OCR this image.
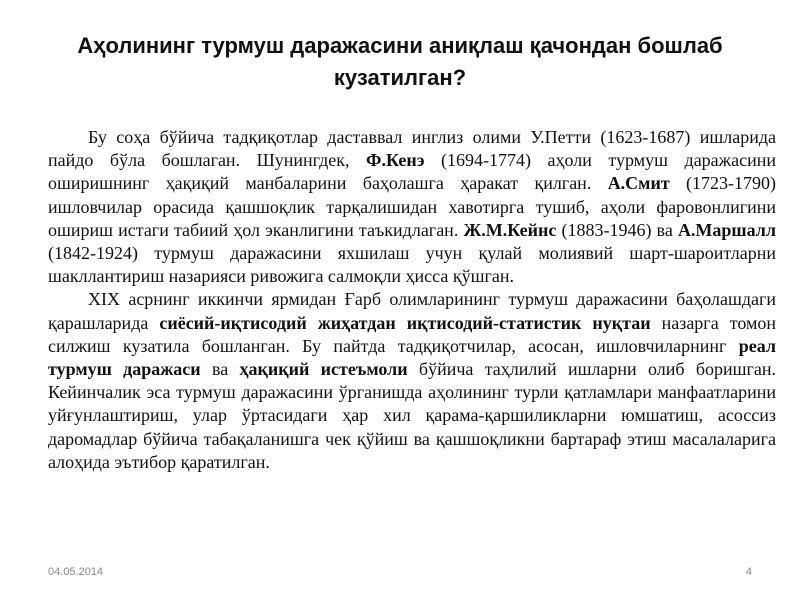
Аҳолининг турмуш даражасини аниқлаш қачондан бошлаб кузатилган?

Бу соҳа бўйича тадқиқотлар даставвал инглиз олими У.Петти (1623-1687) ишларида пайдо бўла бошлаган. Шунингдек, Ф.Кенэ (1694-1774) аҳоли турмуш даражасини оширишнинг ҳақиқий манбаларини баҳолашга ҳаракат қилган. А.Смит (1723-1790) ишловчилар орасида қашшоқлик тарқалишидан хавотирга тушиб, аҳоли фаровонлигини ошириш истаги табиий ҳол эканлигини таъкидлаган. Ж.М.Кейнс (1883-1946) ва А.Маршалл (1842-1924) турмуш даражасини яхшилаш учун қулай молиявий шарт-шароитларни шакллантириш назарияси ривожига салмоқли ҳисса қўшган.

XIX асрнинг иккинчи ярмидан Ғарб олимларининг турмуш даражасини баҳолашдаги қарашларида сиёсий-иқтисодий жиҳатдан иқтисодий-статистик нуқтаи назарга томон силжиш кузатила бошланган. Бу пайтда тадқиқотчилар, асосан, ишловчиларнинг реал турмуш даражаси ва ҳақиқий истеъмоли бўйича таҳлилий ишларни олиб боришган. Кейинчалик эса турмуш даражасини ўрганишда аҳолининг турли қатламлари манфаатларини уйғунлаштириш, улар ўртасидаги ҳар хил қарама-қаршиликларни юмшатиш, асоссиз даромадлар бўйича табақаланишга чек қўйиш ва қашшоқликни бартараф этиш масалаларига алоҳида эътибор қаратилган.

04.05.2014	4
